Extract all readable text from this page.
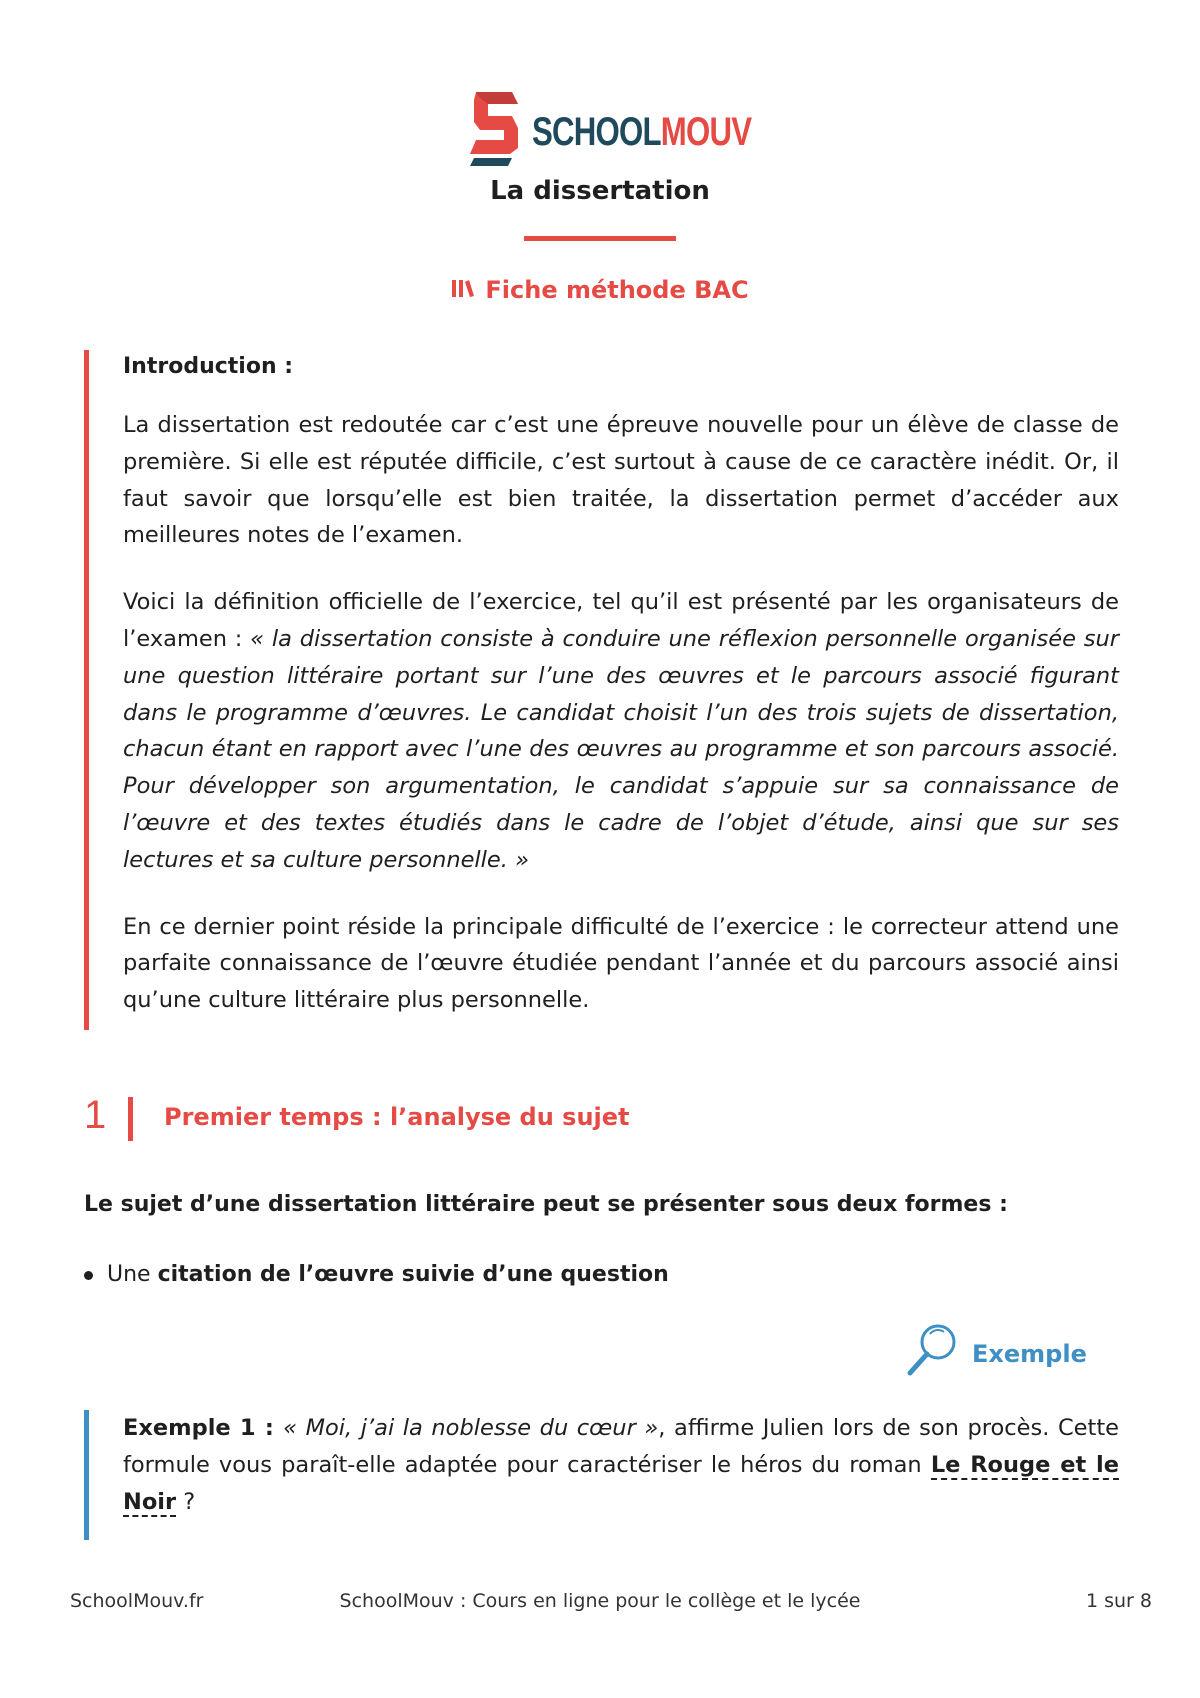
SCHOOLMOUV
La dissertation
Fiche méthode BAC
Introduction :

La dissertation est redoutée car c’est une épreuve nouvelle pour un élève de classe de première. Si elle est réputée difficile, c’est surtout à cause de ce caractère inédit. Or, il faut savoir que lorsqu’elle est bien traitée, la dissertation permet d’accéder aux meilleures notes de l’examen.

Voici la définition officielle de l’exercice, tel qu’il est présenté par les organisateurs de l’examen : « la dissertation consiste à conduire une réflexion personnelle organisée sur une question littéraire portant sur l’une des œuvres et le parcours associé figurant dans le programme d’œuvres. Le candidat choisit l’un des trois sujets de dissertation, chacun étant en rapport avec l’une des œuvres au programme et son parcours associé. Pour développer son argumentation, le candidat s’appuie sur sa connaissance de l’œuvre et des textes étudiés dans le cadre de l’objet d’étude, ainsi que sur ses lectures et sa culture personnelle. »

En ce dernier point réside la principale difficulté de l’exercice : le correcteur attend une parfaite connaissance de l’œuvre étudiée pendant l’année et du parcours associé ainsi qu’une culture littéraire plus personnelle.

1 Premier temps : l’analyse du sujet
Le sujet d’une dissertation littéraire peut se présenter sous deux formes :
Une citation de l’œuvre suivie d’une question
Exemple
Exemple 1 : « Moi, j’ai la noblesse du cœur », affirme Julien lors de son procès. Cette formule vous paraît-elle adaptée pour caractériser le héros du roman Le Rouge et le Noir ?
SchoolMouv.fr	SchoolMouv : Cours en ligne pour le collège et le lycée	1 sur 8
